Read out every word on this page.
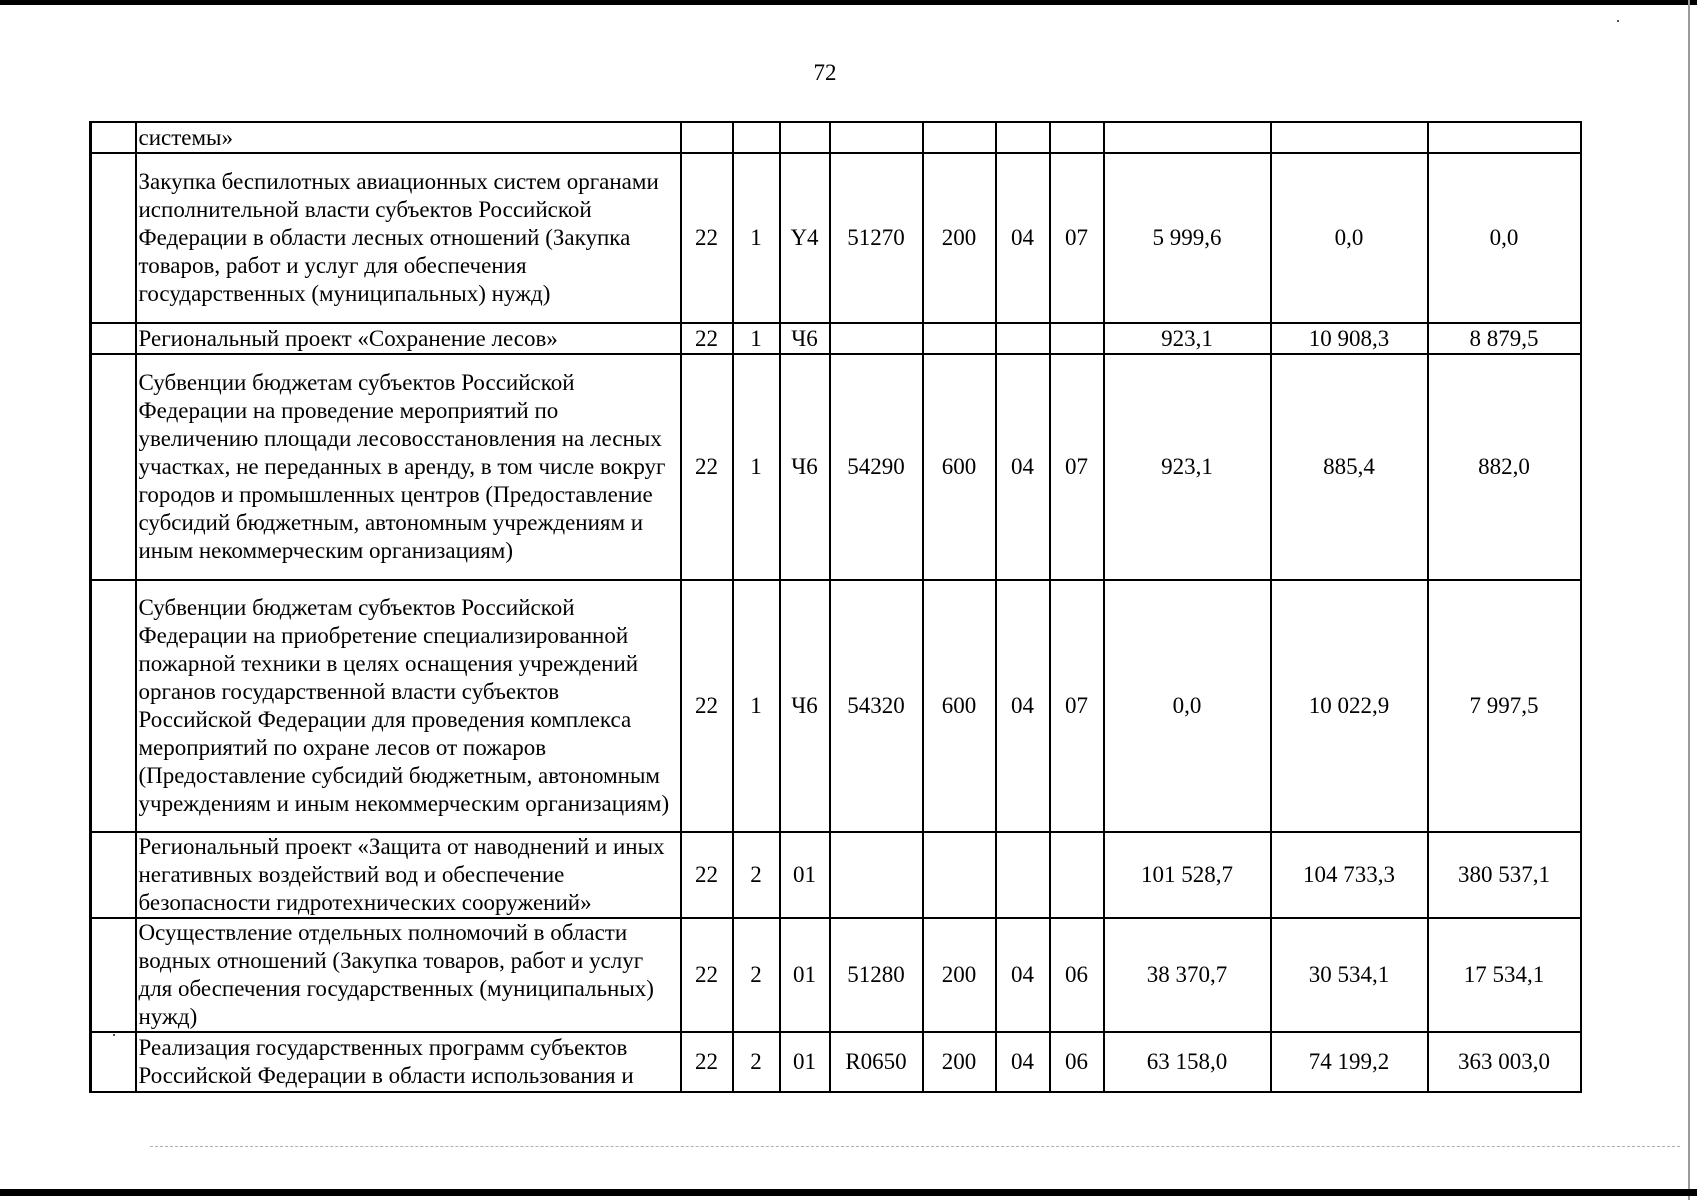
72
	системы»										
	Закупка беспилотных авиационных систем органами исполнительной власти субъектов Российской Федерации в области лесных отношений (Закупка товаров, работ и услуг для обеспечения государственных (муниципальных) нужд)	22	1	Y4	51270	200	04	07	5 999,6	0,0	0,0
	Региональный проект «Сохранение лесов»	22	1	Ч6					923,1	10 908,3	8 879,5
	Субвенции бюджетам субъектов Российской Федерации на проведение мероприятий по увеличению площади лесовосстановления на лесных участках, не переданных в аренду, в том числе вокруг городов и промышленных центров (Предоставление субсидий бюджетным, автономным учреждениям и иным некоммерческим организациям)	22	1	Ч6	54290	600	04	07	923,1	885,4	882,0
	Субвенции бюджетам субъектов Российской Федерации на приобретение специализированной пожарной техники в целях оснащения учреждений органов государственной власти субъектов Российской Федерации для проведения комплекса мероприятий по охране лесов от пожаров (Предоставление субсидий бюджетным, автономным учреждениям и иным некоммерческим организациям)	22	1	Ч6	54320	600	04	07	0,0	10 022,9	7 997,5
	Региональный проект «Защита от наводнений и иных негативных воздействий вод и обеспечение безопасности гидротехнических сооружений»	22	2	01					101 528,7	104 733,3	380 537,1
	Осуществление отдельных полномочий в области водных отношений (Закупка товаров, работ и услуг для обеспечения государственных (муниципальных) нужд)	22	2	01	51280	200	04	06	38 370,7	30 534,1	17 534,1
	Реализация государственных программ субъектов Российской Федерации в области использования и	22	2	01	R0650	200	04	06	63 158,0	74 199,2	363 003,0
